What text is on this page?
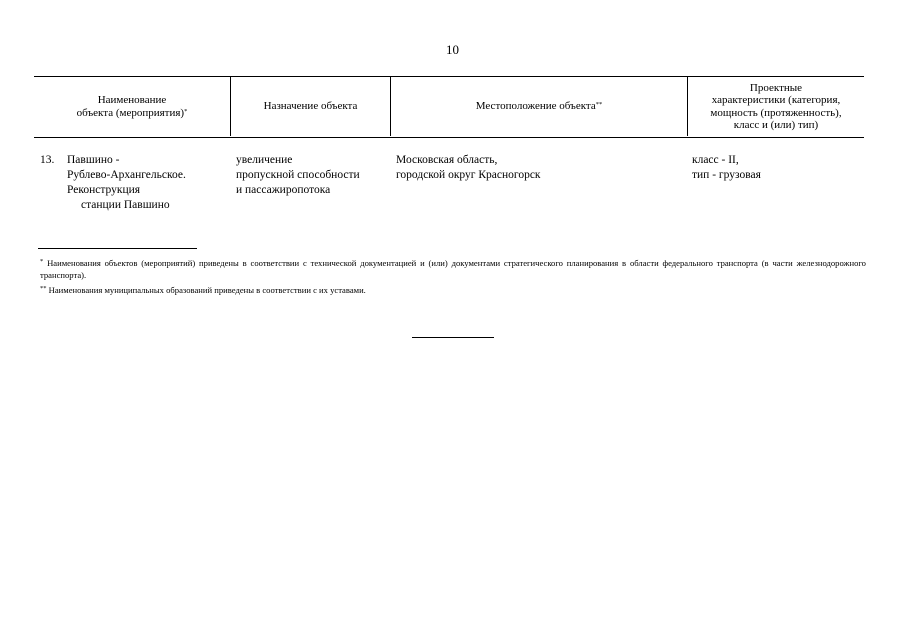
10
Наименование
объекта (мероприятия)*	Назначение объекта	Местоположение объекта**
Проектные
характеристики (категория,
мощность (протяженность),
класс и (или) тип)
13. Павшино -
Рублево-Архангельское.
Реконструкция
станции Павшино
увеличение
пропускной способности
и пассажиропотока
Московская область,
городской округ Красногорск
класс - II,
тип - грузовая
* Наименования объектов (мероприятий) приведены в соответствии с технической документацией и (или) документами стратегического планирования в области федерального транспорта (в части железнодорожного транспорта).
** Наименования муниципальных образований приведены в соответствии с их уставами.
